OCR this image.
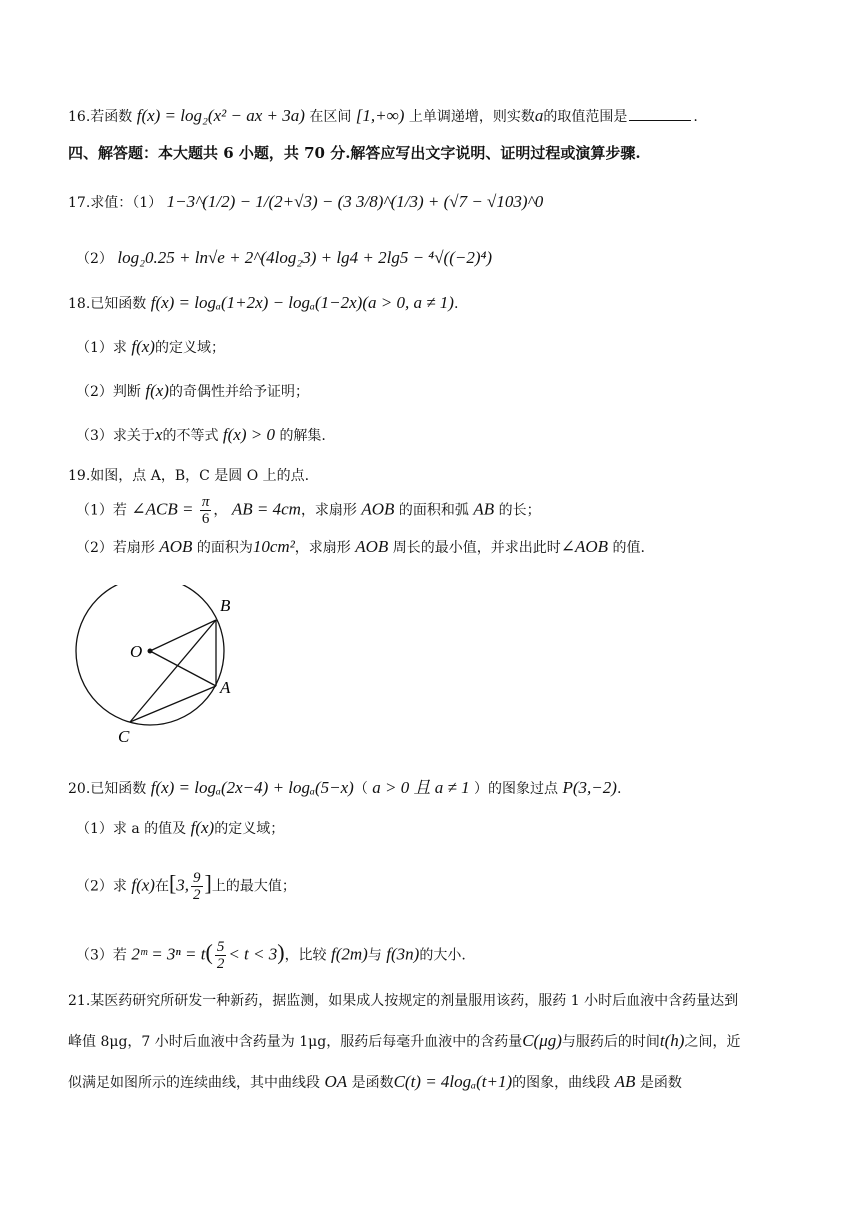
16.若函数 f(x) = log₂(x² − ax + 3a) 在区间 [1,+∞) 上单调递增，则实数a的取值范围是	.
四、解答题：本大题共 6 小题，共 70 分.解答应写出文字说明、证明过程或演算步骤.
17.求值：（1） 1−3^(1/2) − 1/(2+√3) − (3 3/8)^(1/3) + (√7 − √103)^0
（2） log₂0.25 + ln√e + 2^(4log₂3) + lg4 + 2lg5 − ⁴√((−2)⁴)
18.已知函数 f(x) = logₐ(1+2x) − logₐ(1−2x)(a > 0, a ≠ 1).
（1）求 f(x)的定义域；
（2）判断 f(x)的奇偶性并给予证明；
（3）求关于x的不等式 f(x) > 0 的解集.
19.如图，点 A，B，C 是圆 O 上的点.
（1）若 ∠ACB = $\frac{\pi}{6}$ ， AB = 4cm，求扇形 AOB 的面积和弧 AB 的长；
（2）若扇形 AOB 的面积为10cm²，求扇形 AOB 周长的最小值，并求出此时∠AOB 的值.
B
O
A
C
20.已知函数 f(x) = logₐ(2x−4) + logₐ(5−x)（ a > 0 且 a ≠ 1 ）的图象过点 P(3,−2).
（1）求 a 的值及 f(x)的定义域；
（2）求 f(x)在[3, $\frac{9}{2}$ ]上的最大值；
（3）若 2ᵐ = $3^n = t( \frac{5}{2} < t < 3)$，比较 f(2m)与 f(3n)的大小.
21.某医药研究所研发一种新药，据监测，如果成人按规定的剂量服用该药，服药 1 小时后血液中含药量达到
峰值 8μg，7 小时后血液中含药量为 1μg，服药后每毫升血液中的含药量C(μg)与服药后的时间t(h)之间，近
似满足如图所示的连续曲线，其中曲线段 OA 是函数C(t) = 4logₐ(t+1)的图象，曲线段 AB 是函数
